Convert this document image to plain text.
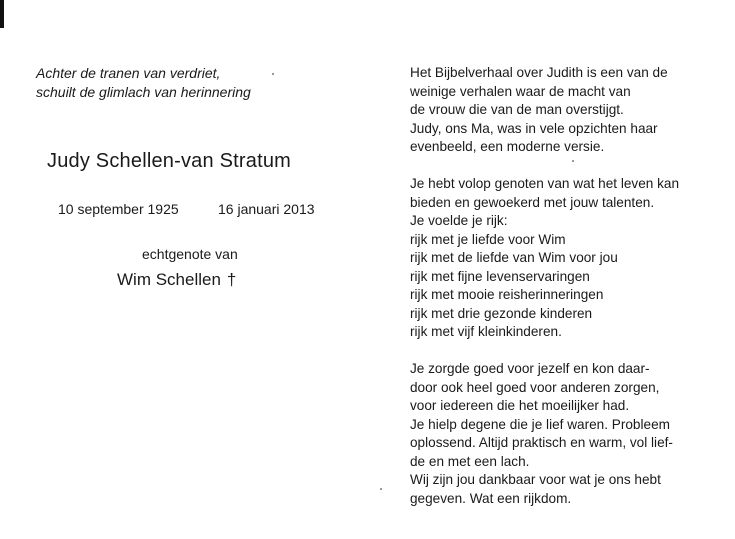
Achter de tranen van verdriet,
schuilt de glimlach van herinnering
Judy Schellen-van Stratum
10 september 1925	16 januari 2013
echtgenote van
Wim Schellen †
Het Bijbelverhaal over Judith is een van de
weinige verhalen waar de macht van
de vrouw die van de man overstijgt.
Judy, ons Ma, was in vele opzichten haar
evenbeeld, een moderne versie.
Je hebt volop genoten van wat het leven kan
bieden en gewoekerd met jouw talenten.
Je voelde je rijk:
rijk met je liefde voor Wim
rijk met de liefde van Wim voor jou
rijk met fijne levenservaringen
rijk met mooie reisherinneringen
rijk met drie gezonde kinderen
rijk met vijf kleinkinderen.
Je zorgde goed voor jezelf en kon daar-
door ook heel goed voor anderen zorgen,
voor iedereen die het moeilijker had.
Je hielp degene die je lief waren. Probleem
oplossend. Altijd praktisch en warm, vol lief-
de en met een lach.
Wij zijn jou dankbaar voor wat je ons hebt
gegeven. Wat een rijkdom.
